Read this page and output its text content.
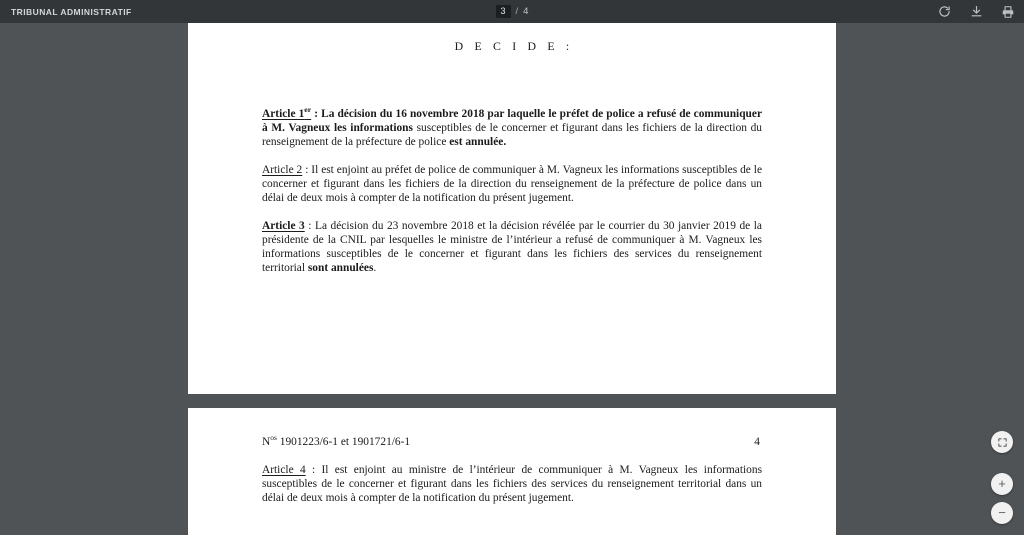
TRIBUNAL ADMINISTRATIF
3	/ 4
D E C I D E :

Article 1er : La décision du 16 novembre 2018 par laquelle le préfet de police a refusé de communiquer à M. Vagneux les informations susceptibles de le concerner et figurant dans les fichiers de la direction du renseignement de la préfecture de police est annulée.

Article 2 : Il est enjoint au préfet de police de communiquer à M. Vagneux les informations susceptibles de le concerner et figurant dans les fichiers de la direction du renseignement de la préfecture de police dans un délai de deux mois à compter de la notification du présent jugement.

Article 3 : La décision du 23 novembre 2018 et la décision révélée par le courrier du 30 janvier 2019 de la présidente de la CNIL par lesquelles le ministre de l’intérieur a refusé de communiquer à M. Vagneux les informations susceptibles de le concerner et figurant dans les fichiers des services du renseignement territorial sont annulées.

$N^{os}$ 1901223/6-1 et 1901721/6-1	4

Article 4 : Il est enjoint au ministre de l’intérieur de communiquer à M. Vagneux les informations susceptibles de le concerner et figurant dans les fichiers des services du renseignement territorial dans un délai de deux mois à compter de la notification du présent jugement.

+
−
